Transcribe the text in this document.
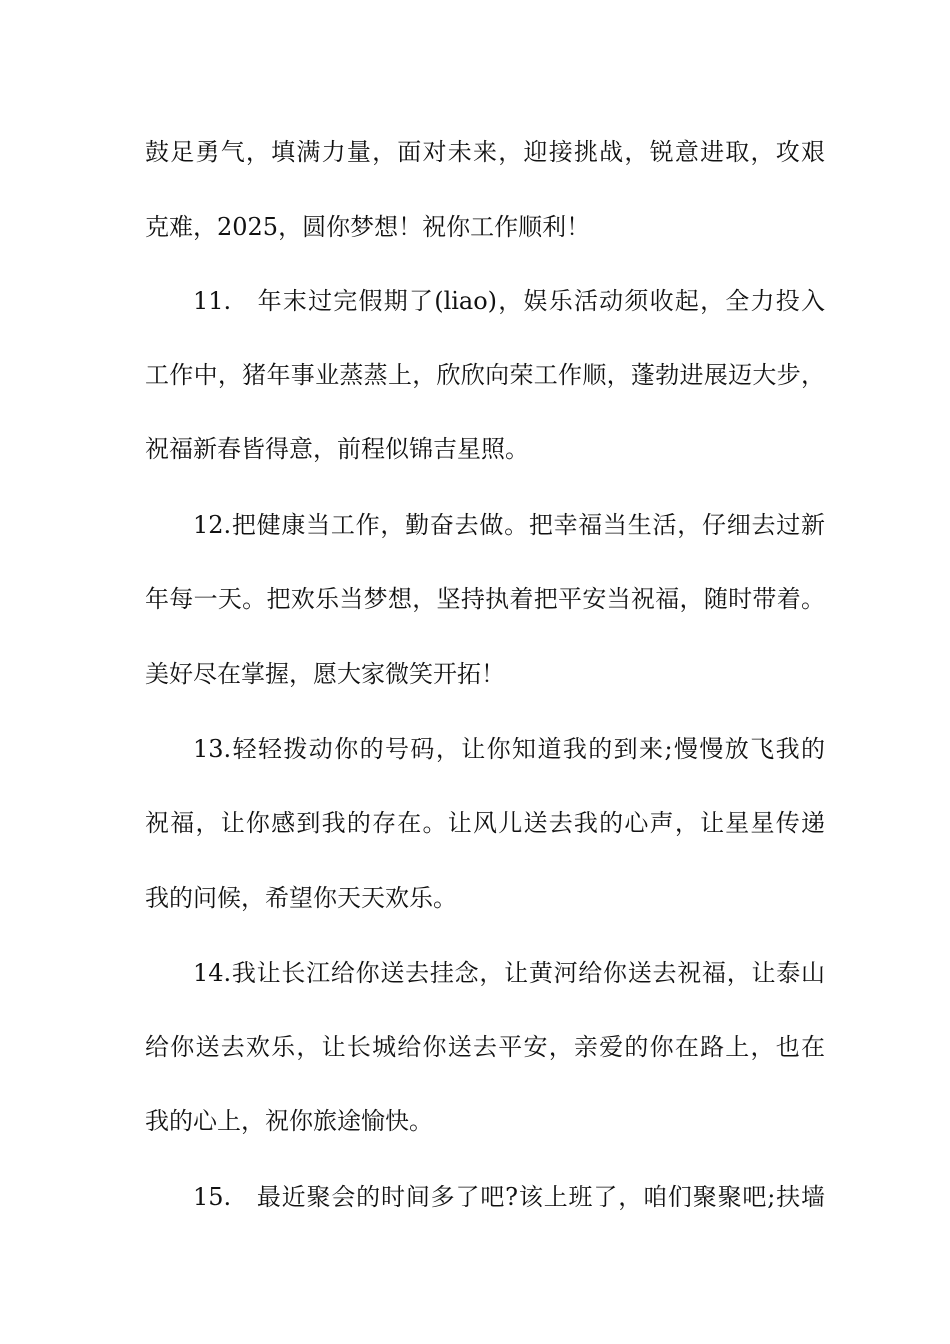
鼓足勇气，填满力量，面对未来，迎接挑战，锐意进取，攻艰
克难，2025，圆你梦想！祝你工作顺利！
11.　年末过完假期了(liao)，娱乐活动须收起，全力投入
工作中，猪年事业蒸蒸上，欣欣向荣工作顺，蓬勃进展迈大步，
祝福新春皆得意，前程似锦吉星照。
12.把健康当工作，勤奋去做。把幸福当生活，仔细去过新
年每一天。把欢乐当梦想，坚持执着把平安当祝福，随时带着。
美好尽在掌握，愿大家微笑开拓！
13.轻轻拨动你的号码，让你知道我的到来;慢慢放飞我的
祝福，让你感到我的存在。让风儿送去我的心声，让星星传递
我的问候，希望你天天欢乐。
14.我让长江给你送去挂念，让黄河给你送去祝福，让泰山
给你送去欢乐，让长城给你送去平安，亲爱的你在路上，也在
我的心上，祝你旅途愉快。
15.　最近聚会的时间多了吧?该上班了，咱们聚聚吧;扶墙
